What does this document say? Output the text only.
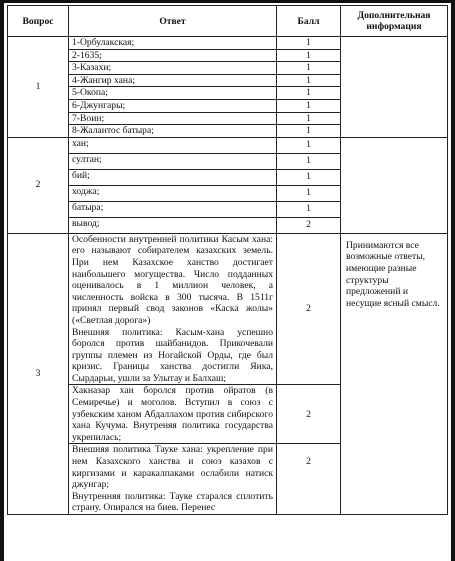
Вопрос	Ответ	Балл	Дополнительная информация
1	1-Орбулакская;	1	
	2-1635;	1	
	3-Казахи;	1	
	4-Жангир хана;	1	
	5-Окопа;	1	
	6-Джунгары;	1	
	7-Воин;	1	
	8-Жалантос батыра;	1	
2	хан;	1	
	султан;	1	
	бий;	1	
	ходжа;	1	
	батыра;	1	
	вывод;	2	
3	Особенности внутренней политики Касым хана: его называют собирателем казахских земель. При нем Казахское ханство достигает наибольшего могущества. Число подданных оценивалось в 1 миллион человек, а численность войска в 300 тысяча. В 1511г принял первый свод законов «Каска жолы» («Светлая дорога»)
Внешняя политика: Касым-хана успешно боролся против шайбанидов. Прикочевали группы племен из Ногайской Орды, где был кризис. Границы ханства достигли Яика, Сырдарьи, ушли за Улытау и Балхаш;	2	Принимаются все возможные ответы, имеющие разные структуры предложений и несущие ясный смысл.

	Хакназар хан боролся против ойратов (в Семиречье) и моголов. Вступил в союз с узбекским ханом Абдаллахом против сибирского хана Кучума. Внутреняя политика государства укрепилась;	2	

	Внешняя политика Тауке хана: укрепление при нем Казахского ханства и союз казахов с киргизами и каракалпаками ослабили натиск джунгар;
Внутренняя политика: Тауке старался сплотить страну. Опирался на биев. Перенес	2	
